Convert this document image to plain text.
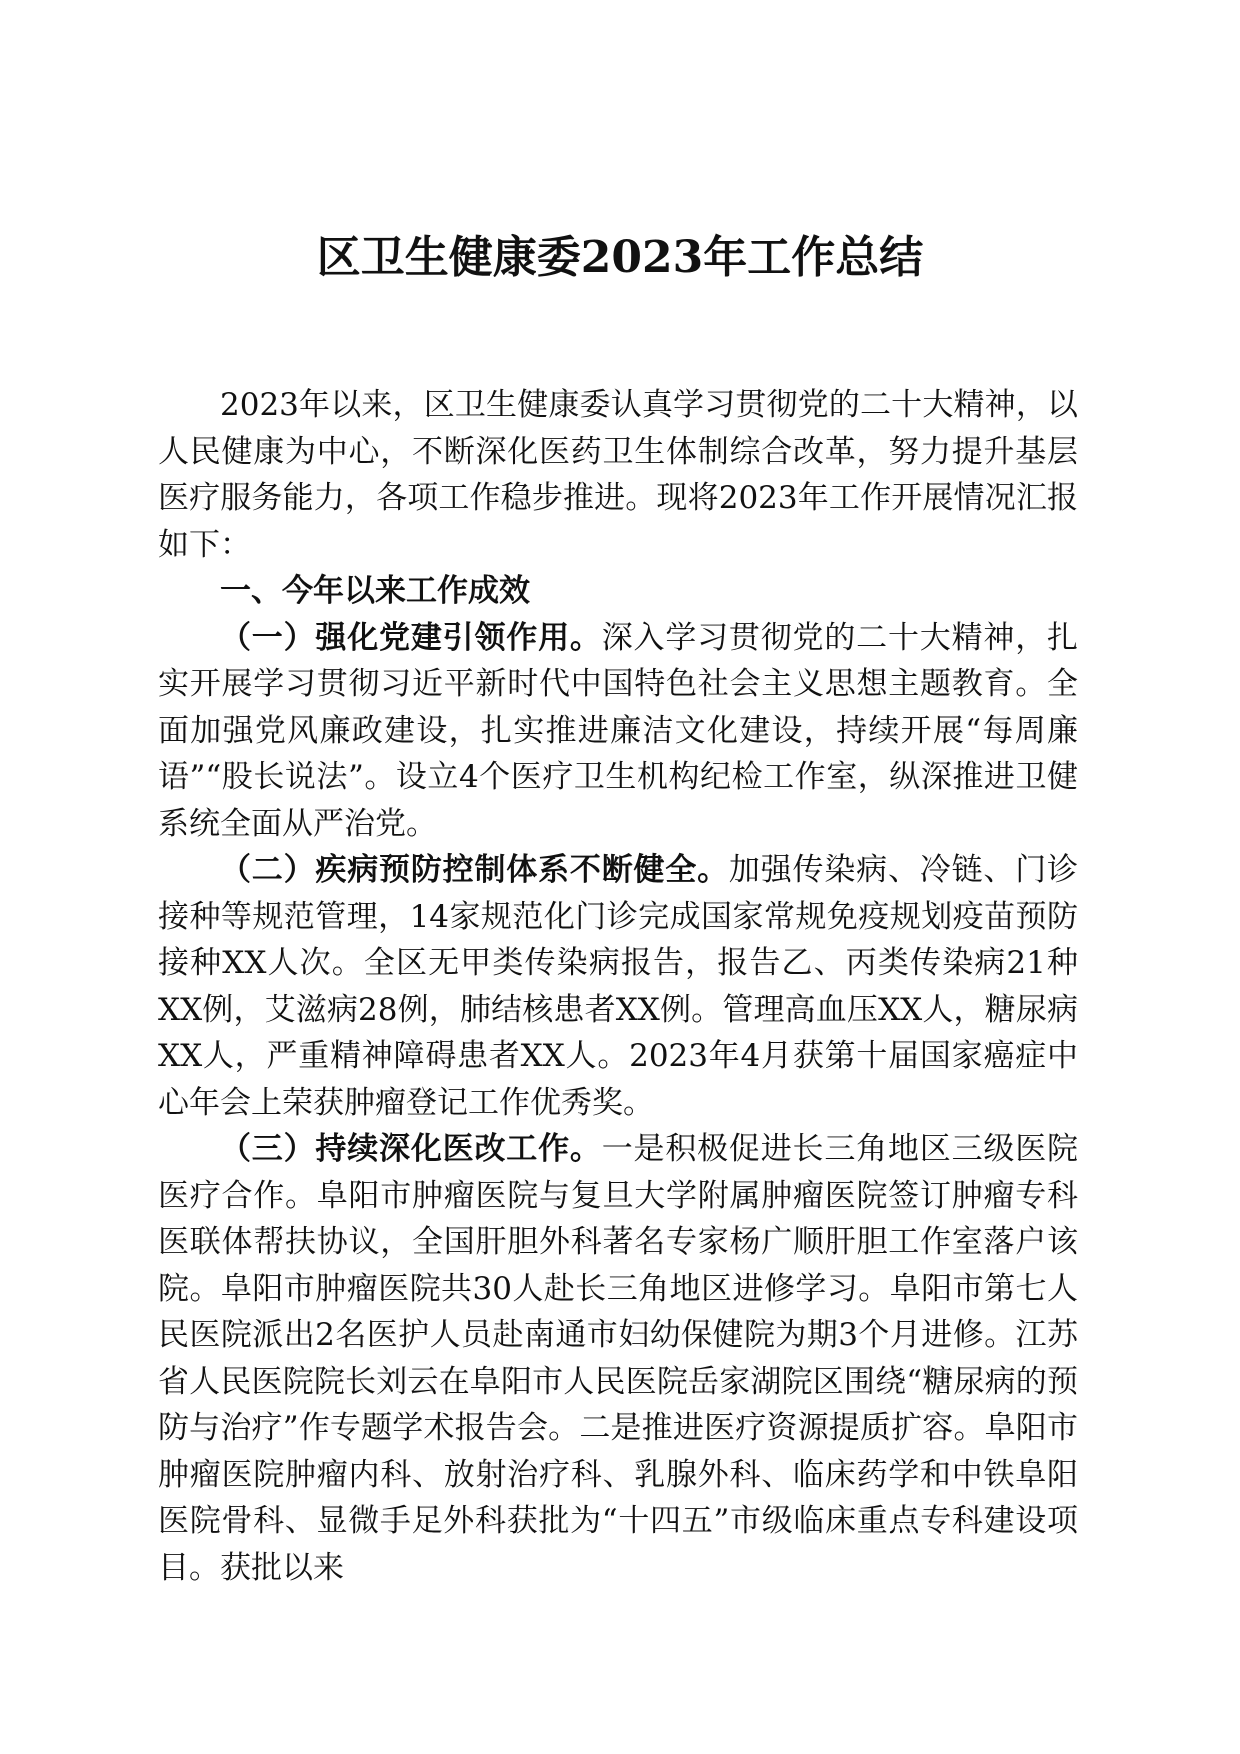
区卫生健康委2023年工作总结

2023年以来，区卫生健康委认真学习贯彻党的二十大精神，以人民健康为中心，不断深化医药卫生体制综合改革，努力提升基层医疗服务能力，各项工作稳步推进。现将2023年工作开展情况汇报如下：

一、今年以来工作成效

（一）强化党建引领作用。深入学习贯彻党的二十大精神，扎实开展学习贯彻习近平新时代中国特色社会主义思想主题教育。全面加强党风廉政建设，扎实推进廉洁文化建设，持续开展“每周廉语”“股长说法”。设立4个医疗卫生机构纪检工作室，纵深推进卫健系统全面从严治党。

（二）疾病预防控制体系不断健全。加强传染病、冷链、门诊接种等规范管理，14家规范化门诊完成国家常规免疫规划疫苗预防接种XX人次。全区无甲类传染病报告，报告乙、丙类传染病21种XX例，艾滋病28例，肺结核患者XX例。管理高血压XX人，糖尿病XX人，严重精神障碍患者XX人。2023年4月获第十届国家癌症中心年会上荣获肿瘤登记工作优秀奖。

（三）持续深化医改工作。一是积极促进长三角地区三级医院医疗合作。阜阳市肿瘤医院与复旦大学附属肿瘤医院签订肿瘤专科医联体帮扶协议，全国肝胆外科著名专家杨广顺肝胆工作室落户该院。阜阳市肿瘤医院共30人赴长三角地区进修学习。阜阳市第七人民医院派出2名医护人员赴南通市妇幼保健院为期3个月进修。江苏省人民医院院长刘云在阜阳市人民医院岳家湖院区围绕“糖尿病的预防与治疗”作专题学术报告会。二是推进医疗资源提质扩容。阜阳市肿瘤医院肿瘤内科、放射治疗科、乳腺外科、临床药学和中铁阜阳医院骨科、显微手足外科获批为“十四五”市级临床重点专科建设项目。获批以来
